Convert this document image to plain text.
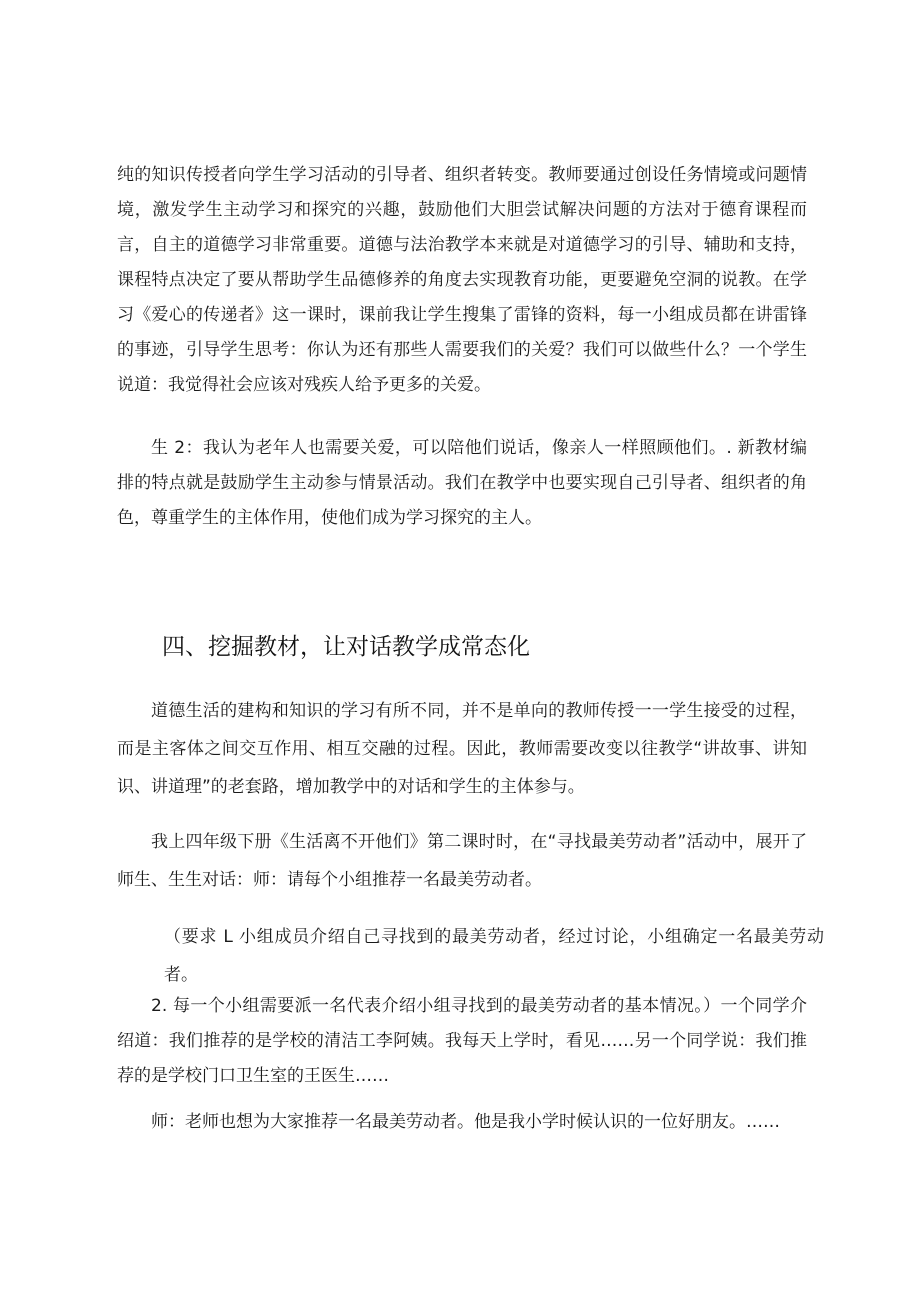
纯的知识传授者向学生学习活动的引导者、组织者转变。教师要通过创设任务情境或问题情境，激发学生主动学习和探究的兴趣，鼓励他们大胆尝试解决问题的方法对于德育课程而言，自主的道德学习非常重要。道德与法治教学本来就是对道德学习的引导、辅助和支持，课程特点决定了要从帮助学生品德修养的角度去实现教育功能，更要避免空洞的说教。在学习《爱心的传递者》这一课时，课前我让学生搜集了雷锋的资料，每一小组成员都在讲雷锋的事迹，引导学生思考：你认为还有那些人需要我们的关爱？我们可以做些什么？一个学生说道：我觉得社会应该对残疾人给予更多的关爱。

生 2：我认为老年人也需要关爱，可以陪他们说话，像亲人一样照顾他们。. 新教材编排的特点就是鼓励学生主动参与情景活动。我们在教学中也要实现自己引导者、组织者的角色，尊重学生的主体作用，使他们成为学习探究的主人。

四、挖掘教材，让对话教学成常态化

道德生活的建构和知识的学习有所不同，并不是单向的教师传授一一学生接受的过程，而是主客体之间交互作用、相互交融的过程。因此，教师需要改变以往教学“讲故事、讲知识、讲道理”的老套路，增加教学中的对话和学生的主体参与。

我上四年级下册《生活离不开他们》第二课时时，在“寻找最美劳动者”活动中，展开了师生、生生对话：师：请每个小组推荐一名最美劳动者。

（要求 L 小组成员介绍自己寻找到的最美劳动者，经过讨论，小组确定一名最美劳动者。

2. 每一个小组需要派一名代表介绍小组寻找到的最美劳动者的基本情况。）一个同学介绍道：我们推荐的是学校的清洁工李阿姨。我每天上学时，看见……另一个同学说：我们推荐的是学校门口卫生室的王医生……

师：老师也想为大家推荐一名最美劳动者。他是我小学时候认识的一位好朋友。……
